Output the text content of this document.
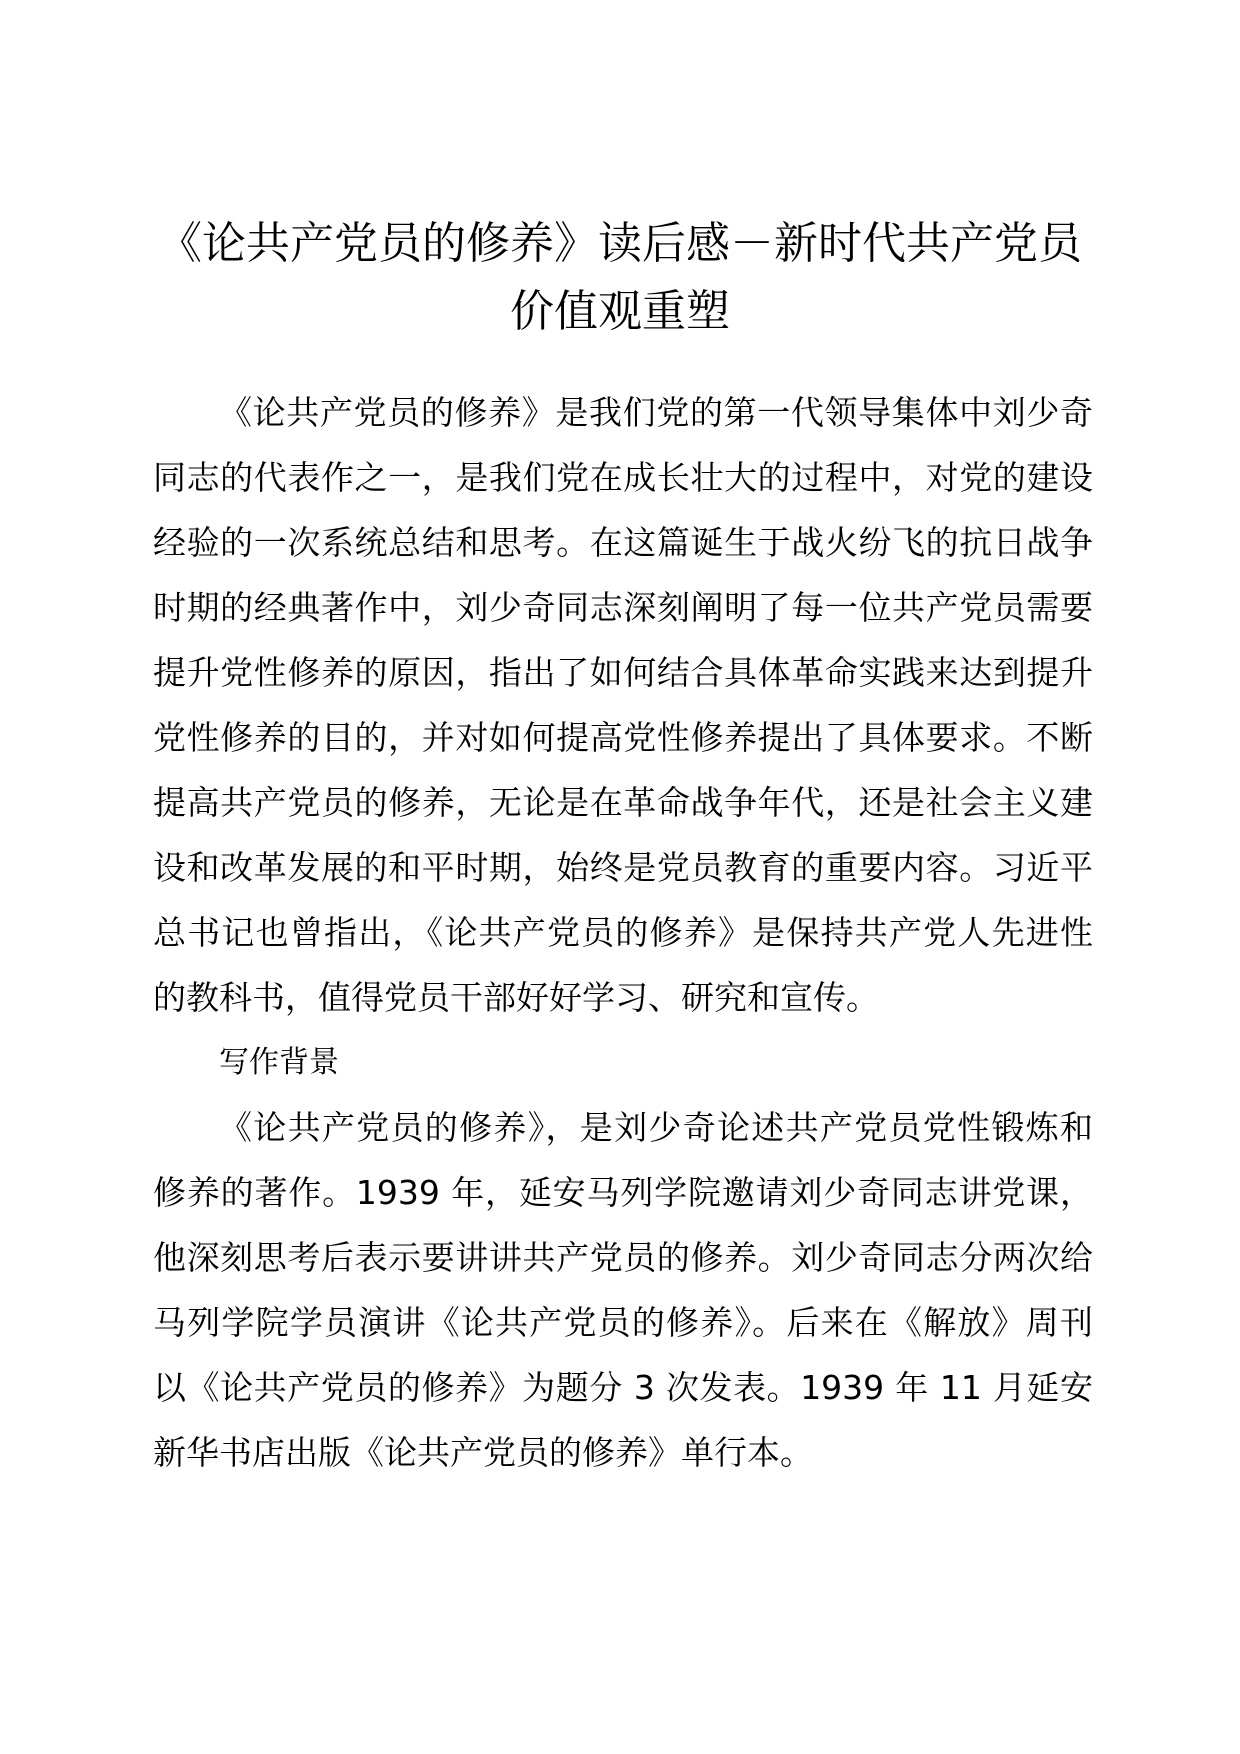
《论共产党员的修养》读后感－新时代共产党员价值观重塑

《论共产党员的修养》是我们党的第一代领导集体中刘少奇同志的代表作之一，是我们党在成长壮大的过程中，对党的建设经验的一次系统总结和思考。在这篇诞生于战火纷飞的抗日战争时期的经典著作中，刘少奇同志深刻阐明了每一位共产党员需要提升党性修养的原因，指出了如何结合具体革命实践来达到提升党性修养的目的，并对如何提高党性修养提出了具体要求。不断提高共产党员的修养，无论是在革命战争年代，还是社会主义建设和改革发展的和平时期，始终是党员教育的重要内容。习近平总书记也曾指出，《论共产党员的修养》是保持共产党人先进性的教科书，值得党员干部好好学习、研究和宣传。

写作背景

《论共产党员的修养》，是刘少奇论述共产党员党性锻炼和修养的著作。1939 年，延安马列学院邀请刘少奇同志讲党课，他深刻思考后表示要讲讲共产党员的修养。刘少奇同志分两次给马列学院学员演讲《论共产党员的修养》。后来在《解放》周刊以《论共产党员的修养》为题分 3 次发表。1939 年 11 月延安新华书店出版《论共产党员的修养》单行本。
